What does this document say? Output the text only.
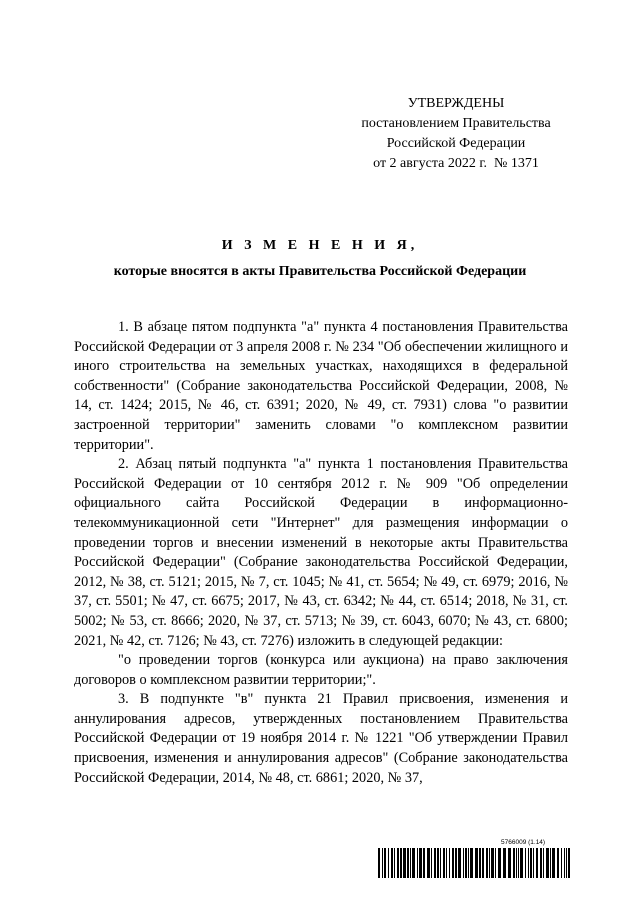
УТВЕРЖДЕНЫ
постановлением Правительства
Российской Федерации
от 2 августа 2022 г.  № 1371
И З М Е Н Е Н И Я,
которые вносятся в акты Правительства Российской Федерации

1. В абзаце пятом подпункта "а" пункта 4 постановления Правительства Российской Федерации от 3 апреля 2008 г. № 234 "Об обеспечении жилищного и иного строительства на земельных участках, находящихся в федеральной собственности" (Собрание законодательства Российской Федерации, 2008, № 14, ст. 1424; 2015, № 46, ст. 6391; 2020, № 49, ст. 7931) слова "о развитии застроенной территории" заменить словами "о комплексном развитии территории".

2. Абзац пятый подпункта "а" пункта 1 постановления Правительства Российской Федерации от 10 сентября 2012 г. № 909 "Об определении официального сайта Российской Федерации в информационно-телекоммуникационной сети "Интернет" для размещения информации о проведении торгов и внесении изменений в некоторые акты Правительства Российской Федерации" (Собрание законодательства Российской Федерации, 2012, № 38, ст. 5121; 2015, № 7, ст. 1045; № 41, ст. 5654; № 49, ст. 6979; 2016, № 37, ст. 5501; № 47, ст. 6675; 2017, № 43, ст. 6342; № 44, ст. 6514; 2018, № 31, ст. 5002; № 53, ст. 8666; 2020, № 37, ст. 5713; № 39, ст. 6043, 6070; № 43, ст. 6800; 2021, № 42, ст. 7126; № 43, ст. 7276) изложить в следующей редакции:

"о проведении торгов (конкурса или аукциона) на право заключения договоров о комплексном развитии территории;".

3. В подпункте "в" пункта 21 Правил присвоения, изменения и аннулирования адресов, утвержденных постановлением Правительства Российской Федерации от 19 ноября 2014 г. № 1221 "Об утверждении Правил присвоения, изменения и аннулирования адресов" (Собрание законодательства Российской Федерации, 2014, № 48, ст. 6861; 2020, № 37,

5766009 (1.14)
